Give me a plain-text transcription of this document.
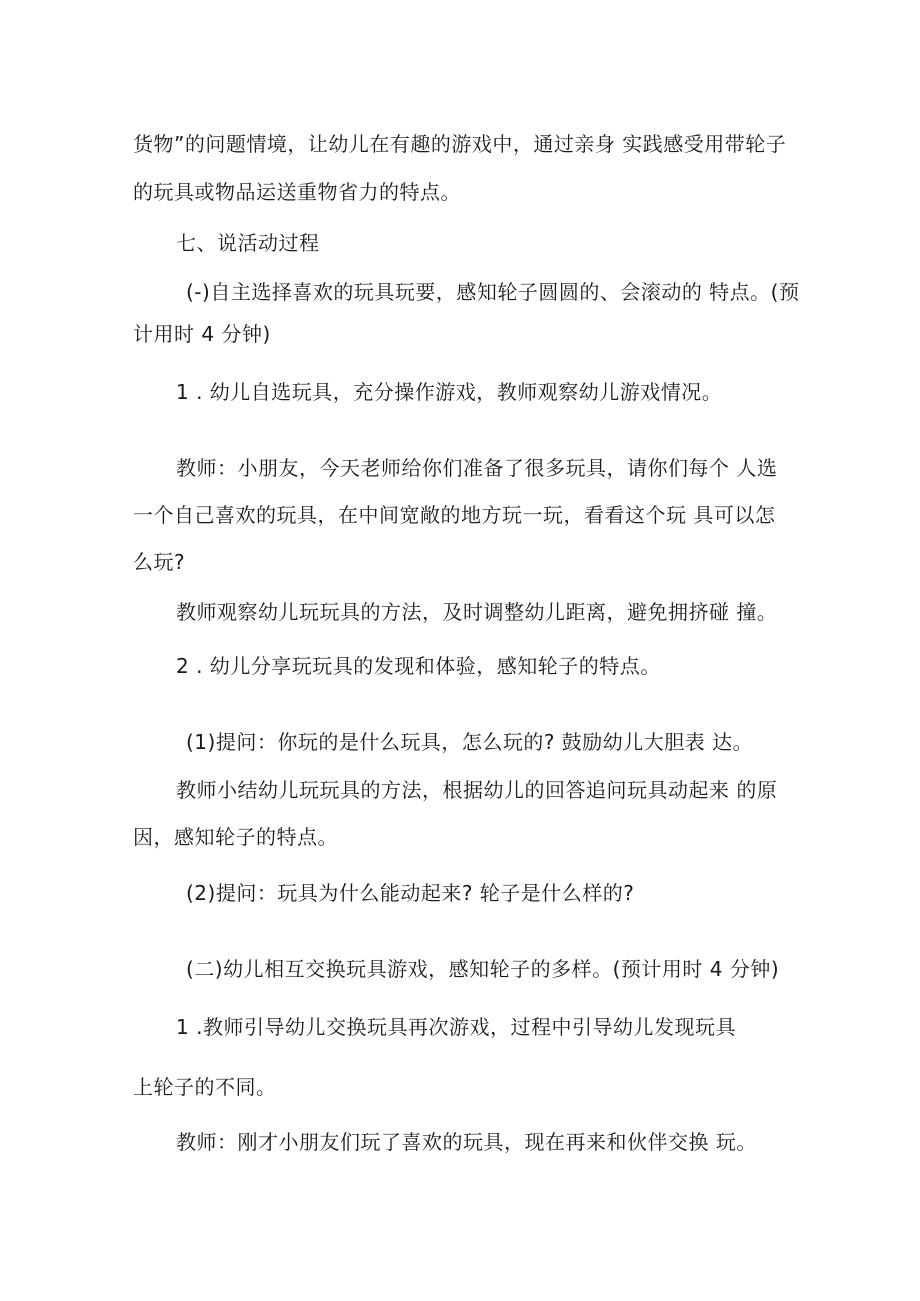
货物”的问题情境，让幼儿在有趣的游戏中，通过亲身 实践感受用带轮子
的玩具或物品运送重物省力的特点。
七、说活动过程
(-)自主选择喜欢的玩具玩要，感知轮子圆圆的、会滚动的 特点。(预
计用时 4 分钟)
1 . 幼儿自选玩具，充分操作游戏，教师观察幼儿游戏情况。
教师：小朋友，今天老师给你们准备了很多玩具，请你们每个 人选
一个自己喜欢的玩具，在中间宽敞的地方玩一玩，看看这个玩 具可以怎
么玩?
教师观察幼儿玩玩具的方法，及时调整幼儿距离，避免拥挤碰 撞。
2 . 幼儿分享玩玩具的发现和体验，感知轮子的特点。
(1)提问：你玩的是什么玩具，怎么玩的? 鼓励幼儿大胆表 达。
教师小结幼儿玩玩具的方法，根据幼儿的回答追问玩具动起来 的原
因，感知轮子的特点。
(2)提问：玩具为什么能动起来? 轮子是什么样的?
(二)幼儿相互交换玩具游戏，感知轮子的多样。(预计用时 4 分钟)
1 .教师引导幼儿交换玩具再次游戏，过程中引导幼儿发现玩具
上轮子的不同。
教师：刚才小朋友们玩了喜欢的玩具，现在再来和伙伴交换 玩。
